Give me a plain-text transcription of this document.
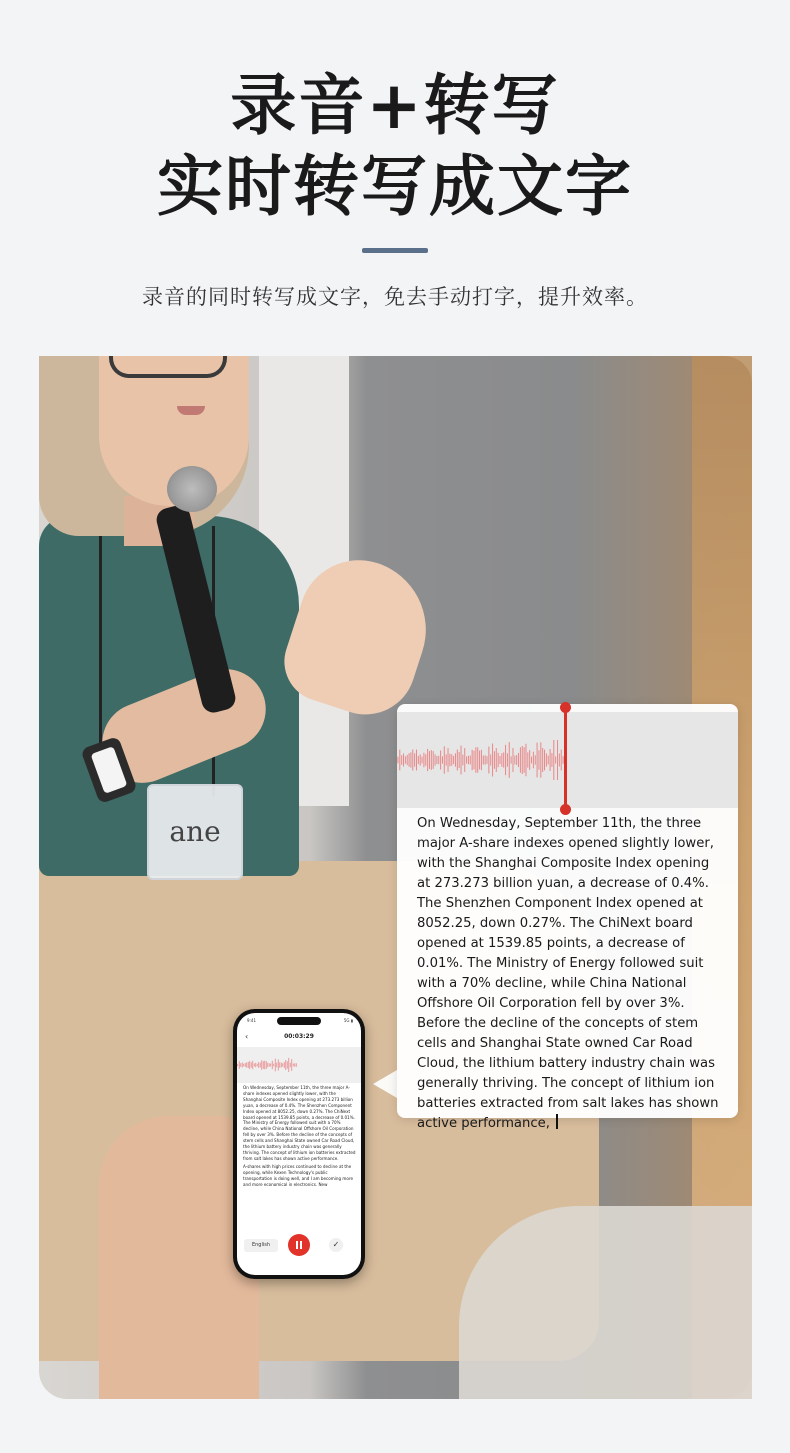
录音+转写
实时转写成文字
录音的同时转写成文字，免去手动打字，提升效率。
ane	On Wednesday, September 11th, the three major A-share indexes opened slightly lower, with the Shanghai Composite Index opening at 273.273 billion yuan, a decrease of 0.4%. The Shenzhen Component Index opened at 8052.25, down 0.27%. The ChiNext board opened at 1539.85 points, a decrease of 0.01%. The Ministry of Energy followed suit with a 70% decline, while China National Offshore Oil Corporation fell by over 3%. Before the decline of the concepts of stem cells and Shanghai State owned Car Road Cloud, the lithium battery industry chain was generally thriving. The concept of lithium ion batteries extracted from salt lakes has shown active performance,
9:41	5G ▮
‹	00:03:29

On Wednesday, September 11th, the three major A-share indexes opened slightly lower, with the Shanghai Composite Index opening at 273.273 billion yuan, a decrease of 0.4%. The Shenzhen Component Index opened at 8052.25, down 0.27%. The ChiNext board opened at 1539.85 points, a decrease of 0.01%. The Ministry of Energy followed suit with a 70% decline, while China National Offshore Oil Corporation fell by over 3%. Before the decline of the concepts of stem cells and Shanghai State owned Car Road Cloud, the lithium battery industry chain was generally thriving. The concept of lithium ion batteries extracted from salt lakes has shown active performance.

A-shares with high prices continued to decline at the opening, while Kexen Technology's public transportation is doing well, and I am becoming more and more economical in electronics. New

English	✓
